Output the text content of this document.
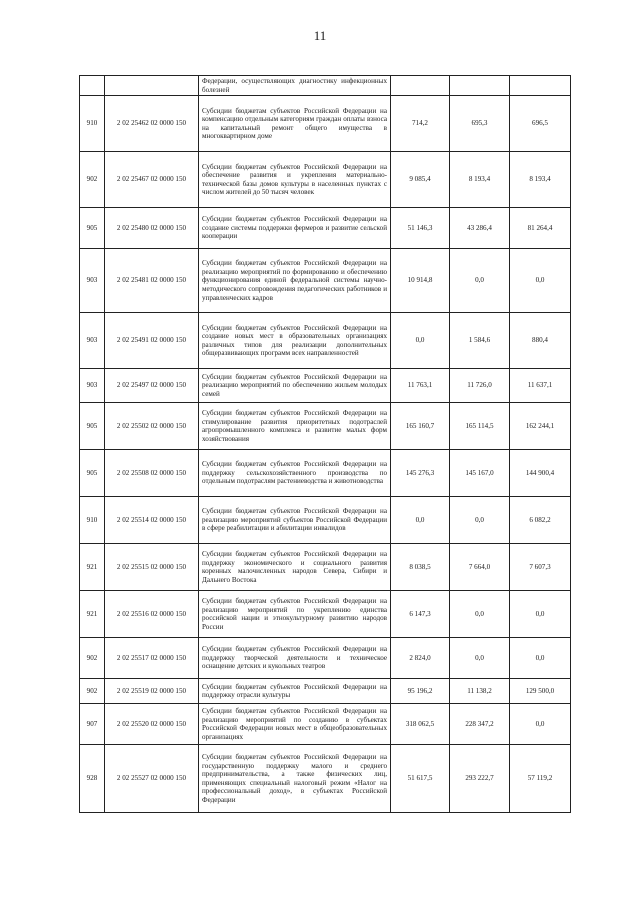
11
		Федерации, осуществляющих диагностику инфекционных болезней			
910	2 02 25462 02 0000 150	Субсидии бюджетам субъектов Российской Федерации на компенсацию отдельным категориям граждан оплаты взноса на капитальный ремонт общего имущества в многоквартирном доме	714,2	695,3	696,5
902	2 02 25467 02 0000 150	Субсидии бюджетам субъектов Российской Федерации на обеспечение развития и укрепления материально-технической базы домов культуры в населенных пунктах с числом жителей до 50 тысяч человек	9 085,4	8 193,4	8 193,4
905	2 02 25480 02 0000 150	Субсидии бюджетам субъектов Российской Федерации на создание системы поддержки фермеров и развитие сельской кооперации	51 146,3	43 286,4	81 264,4
903	2 02 25481 02 0000 150	Субсидии бюджетам субъектов Российской Федерации на реализацию мероприятий по формированию и обеспечению функционирования единой федеральной системы научно-методического сопровождения педагогических работников и управленческих кадров	10 914,8	0,0	0,0
903	2 02 25491 02 0000 150	Субсидии бюджетам субъектов Российской Федерации на создание новых мест в образовательных организациях различных типов для реализации дополнительных общеразвивающих программ всех направленностей	0,0	1 584,6	880,4
903	2 02 25497 02 0000 150	Субсидии бюджетам субъектов Российской Федерации на реализацию мероприятий по обеспечению жильем молодых семей	11 763,1	11 726,0	11 637,1
905	2 02 25502 02 0000 150	Субсидии бюджетам субъектов Российской Федерации на стимулирование развития приоритетных подотраслей агропромышленного комплекса и развитие малых форм хозяйствования	165 160,7	165 114,5	162 244,1
905	2 02 25508 02 0000 150	Субсидии бюджетам субъектов Российской Федерации на поддержку сельскохозяйственного производства по отдельным подотраслям растениеводства и животноводства	145 276,3	145 167,0	144 900,4
910	2 02 25514 02 0000 150	Субсидии бюджетам субъектов Российской Федерации на реализацию мероприятий субъектов Российской Федерации в сфере реабилитации и абилитации инвалидов	0,0	0,0	6 082,2
921	2 02 25515 02 0000 150	Субсидии бюджетам субъектов Российской Федерации на поддержку экономического и социального развития коренных малочисленных народов Севера, Сибири и Дальнего Востока	8 038,5	7 664,0	7 607,3
921	2 02 25516 02 0000 150	Субсидии бюджетам субъектов Российской Федерации на реализацию мероприятий по укреплению единства российской нации и этнокультурному развитию народов России	6 147,3	0,0	0,0
902	2 02 25517 02 0000 150	Субсидии бюджетам субъектов Российской Федерации на поддержку творческой деятельности и техническое оснащение детских и кукольных театров	2 824,0	0,0	0,0
902	2 02 25519 02 0000 150	Субсидии бюджетам субъектов Российской Федерации на поддержку отрасли культуры	95 196,2	11 138,2	129 500,0
907	2 02 25520 02 0000 150	Субсидии бюджетам субъектов Российской Федерации на реализацию мероприятий по созданию в субъектах Российской Федерации новых мест в общеобразовательных организациях	318 062,5	228 347,2	0,0
928	2 02 25527 02 0000 150	Субсидии бюджетам субъектов Российской Федерации на государственную поддержку малого и среднего предпринимательства, а также физических лиц, применяющих специальный налоговый режим «Налог на профессиональный доход», в субъектах Российской Федерации	51 617,5	293 222,7	57 119,2
